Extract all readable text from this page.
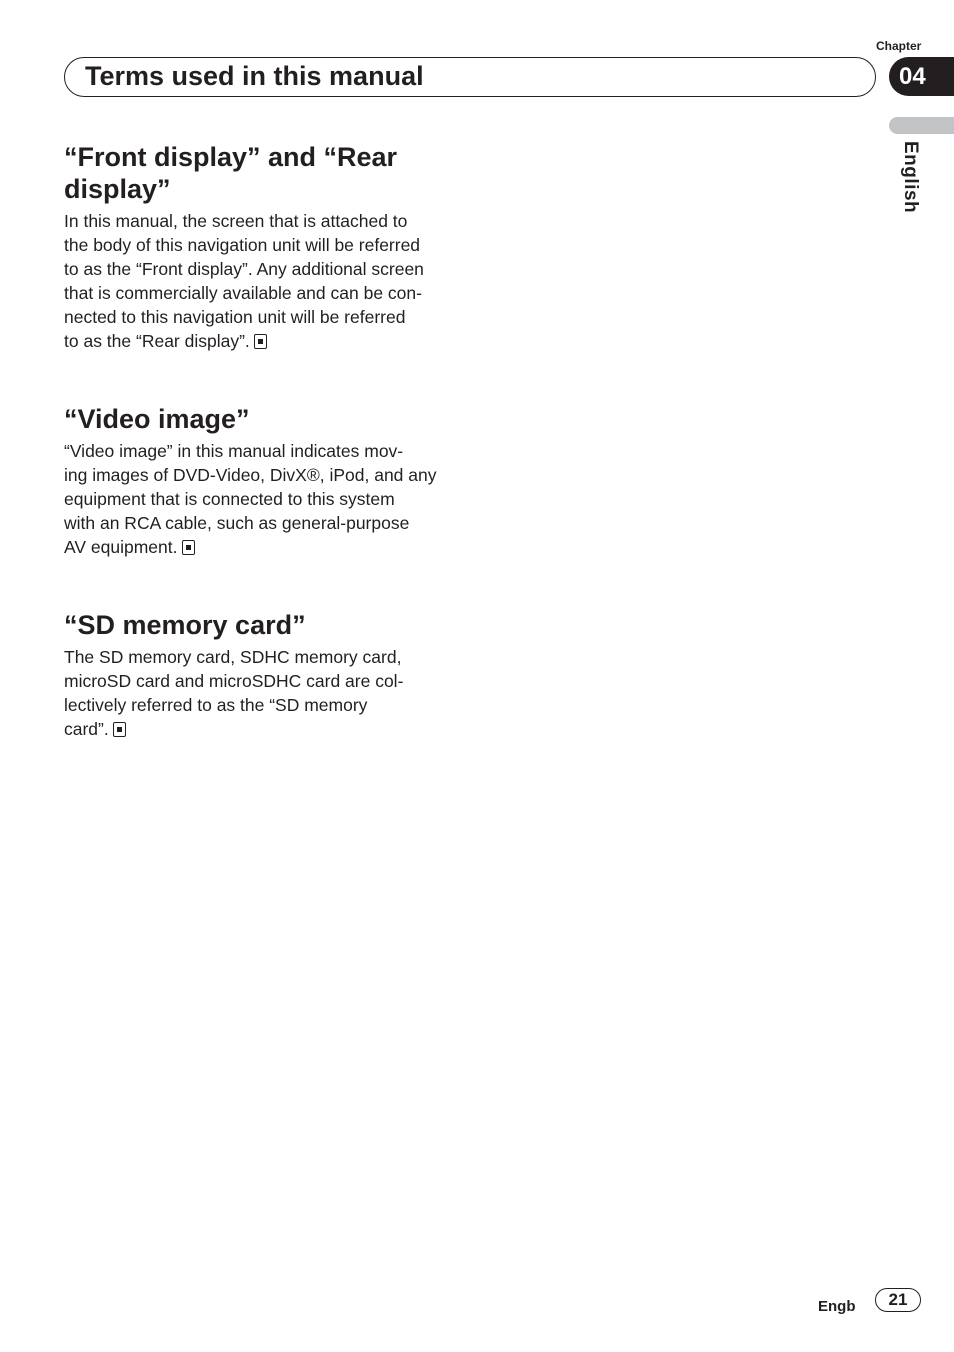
Chapter
04
Terms used in this manual
English
“Front display” and “Rear
display”

In this manual, the screen that is attached to
the body of this navigation unit will be referred
to as the “Front display”. Any additional screen
that is commercially available and can be con-
nected to this navigation unit will be referred
to as the “Rear display”.

“Video image”

“Video image” in this manual indicates mov-
ing images of DVD-Video, DivX®, iPod, and any
equipment that is connected to this system
with an RCA cable, such as general-purpose
AV equipment.

“SD memory card”

The SD memory card, SDHC memory card,
microSD card and microSDHC card are col-
lectively referred to as the “SD memory
card”.

Engb	21
